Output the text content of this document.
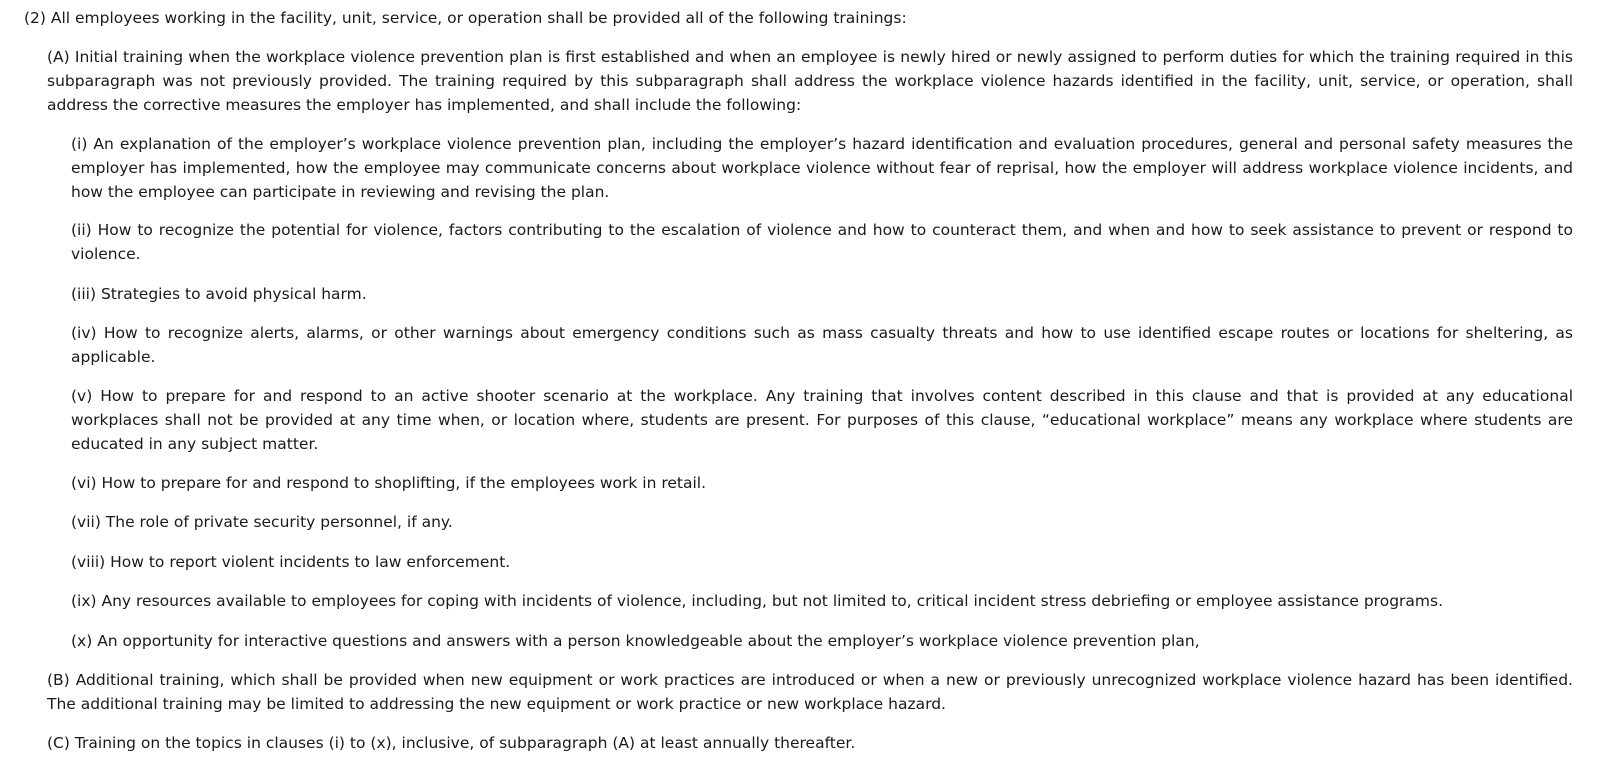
(2) All employees working in the facility, unit, service, or operation shall be provided all of the following trainings:

(A) Initial training when the workplace violence prevention plan is first established and when an employee is newly hired or newly assigned to perform duties for which the training required in this subparagraph was not previously provided. The training required by this subparagraph shall address the workplace violence hazards identified in the facility, unit, service, or operation, shall address the corrective measures the employer has implemented, and shall include the following:

(i) An explanation of the employer’s workplace violence prevention plan, including the employer’s hazard identification and evaluation procedures, general and personal safety measures the employer has implemented, how the employee may communicate concerns about workplace violence without fear of reprisal, how the employer will address workplace violence incidents, and how the employee can participate in reviewing and revising the plan.

(ii) How to recognize the potential for violence, factors contributing to the escalation of violence and how to counteract them, and when and how to seek assistance to prevent or respond to violence.

(iii) Strategies to avoid physical harm.

(iv) How to recognize alerts, alarms, or other warnings about emergency conditions such as mass casualty threats and how to use identified escape routes or locations for sheltering, as applicable.

(v) How to prepare for and respond to an active shooter scenario at the workplace. Any training that involves content described in this clause and that is provided at any educational workplaces shall not be provided at any time when, or location where, students are present. For purposes of this clause, “educational workplace” means any workplace where students are educated in any subject matter.

(vi) How to prepare for and respond to shoplifting, if the employees work in retail.

(vii) The role of private security personnel, if any.

(viii) How to report violent incidents to law enforcement.

(ix) Any resources available to employees for coping with incidents of violence, including, but not limited to, critical incident stress debriefing or employee assistance programs.

(x) An opportunity for interactive questions and answers with a person knowledgeable about the employer’s workplace violence prevention plan,

(B) Additional training, which shall be provided when new equipment or work practices are introduced or when a new or previously unrecognized workplace violence hazard has been identified. The additional training may be limited to addressing the new equipment or work practice or new workplace hazard.

(C) Training on the topics in clauses (i) to (x), inclusive, of subparagraph (A) at least annually thereafter.
